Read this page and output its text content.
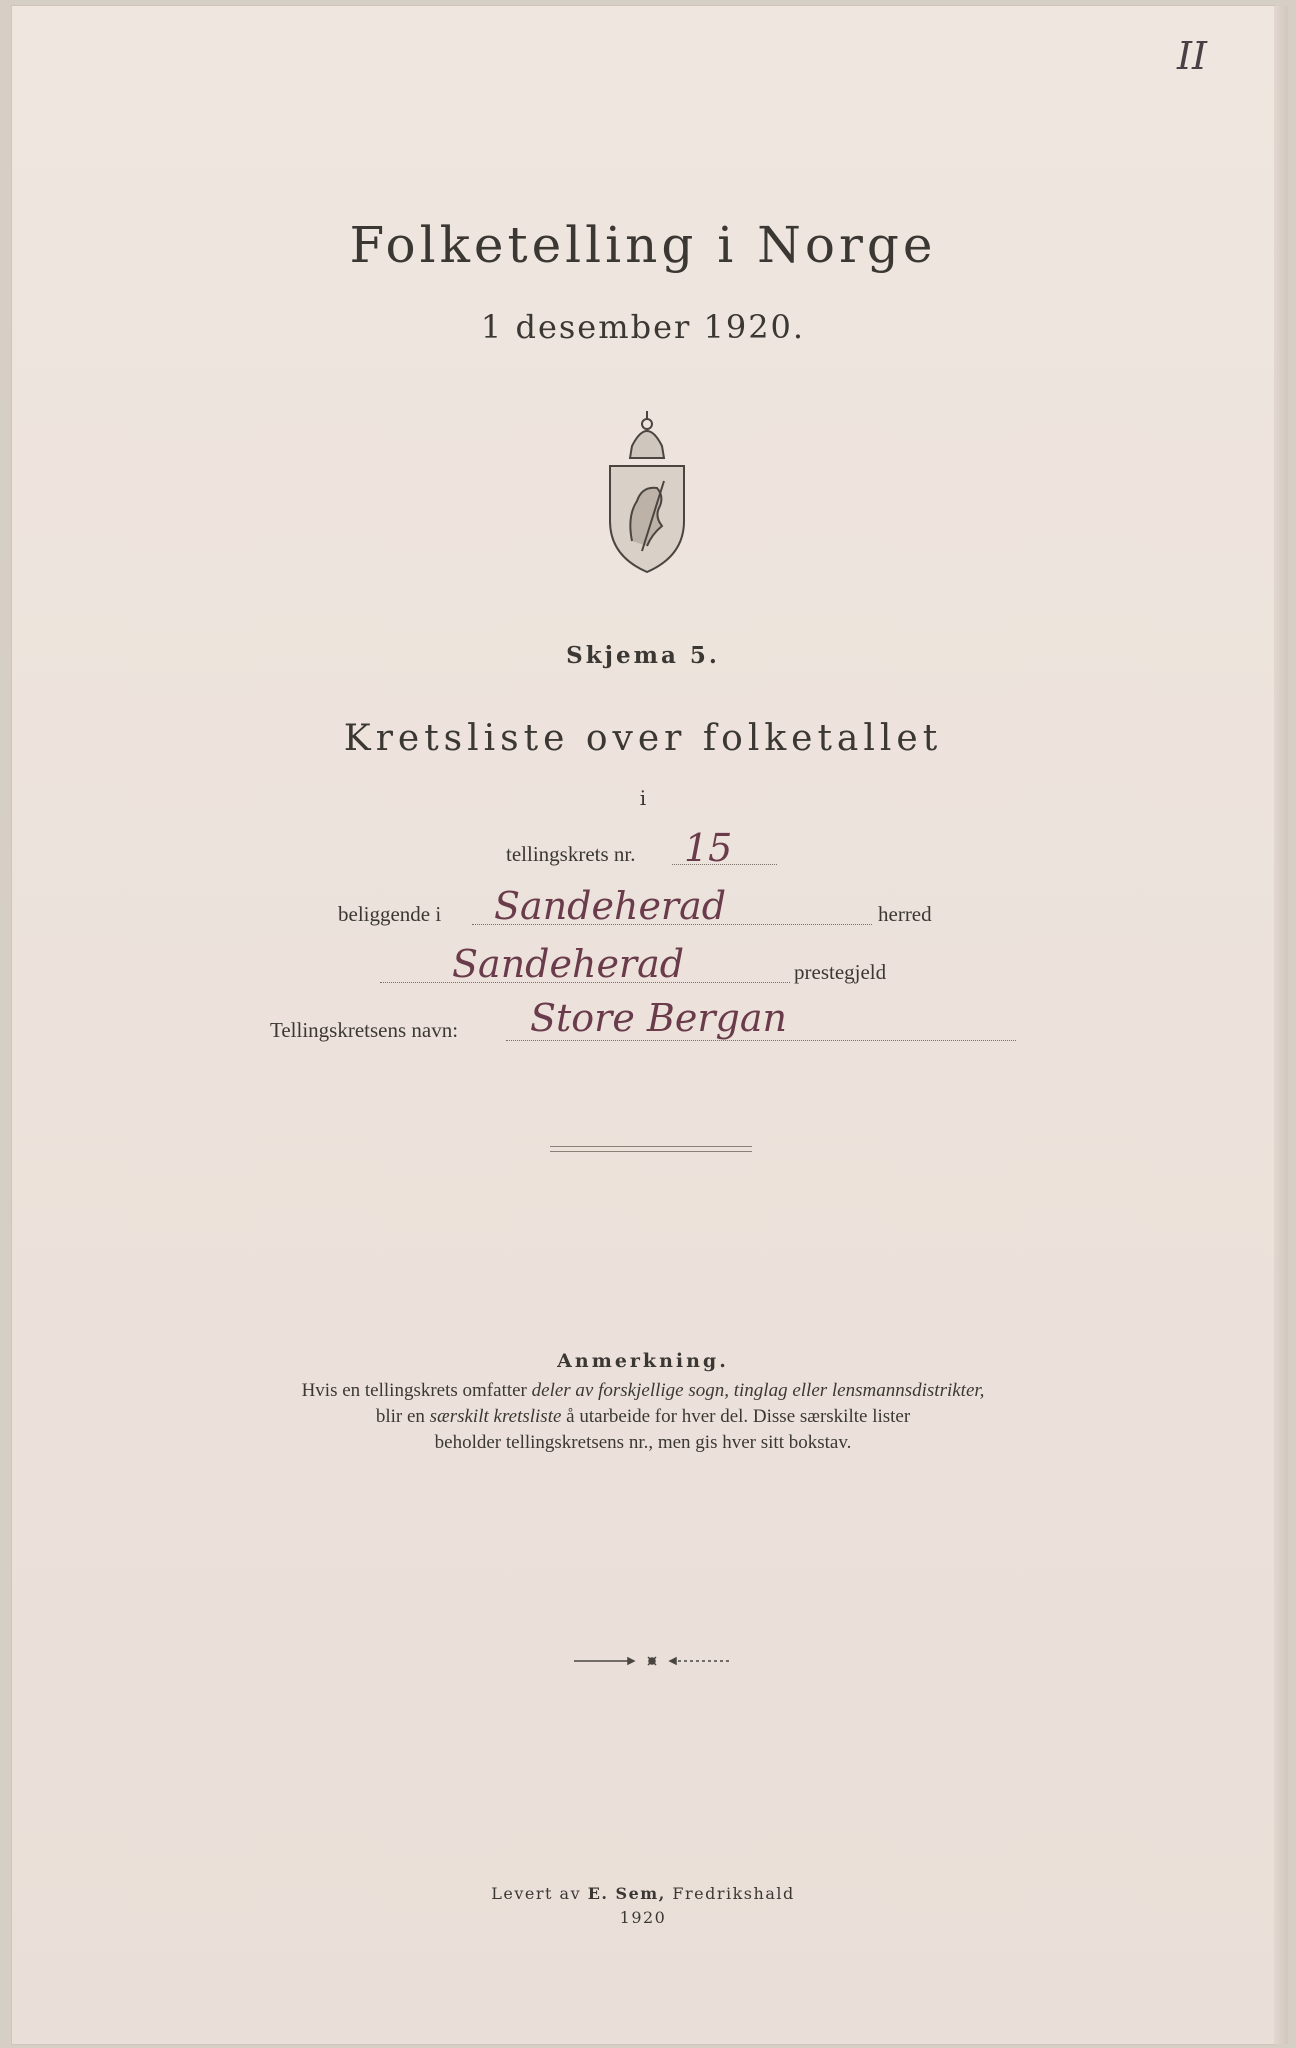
II
Folketelling i Norge
1 desember 1920.
Skjema 5.
Kretsliste over folketallet
i
tellingskrets nr. 15
beliggende i Sandeherad	herred
Sandeherad	prestegjeld
Tellingskretsens navn: Store Bergan
Anmerkning.
Hvis en tellingskrets omfatter deler av forskjellige sogn, tinglag eller lensmannsdistrikter,
blir en særskilt kretsliste å utarbeide for hver del. Disse særskilte lister
beholder tellingskretsens nr., men gis hver sitt bokstav.
Levert av E. Sem, Fredrikshald
1920
